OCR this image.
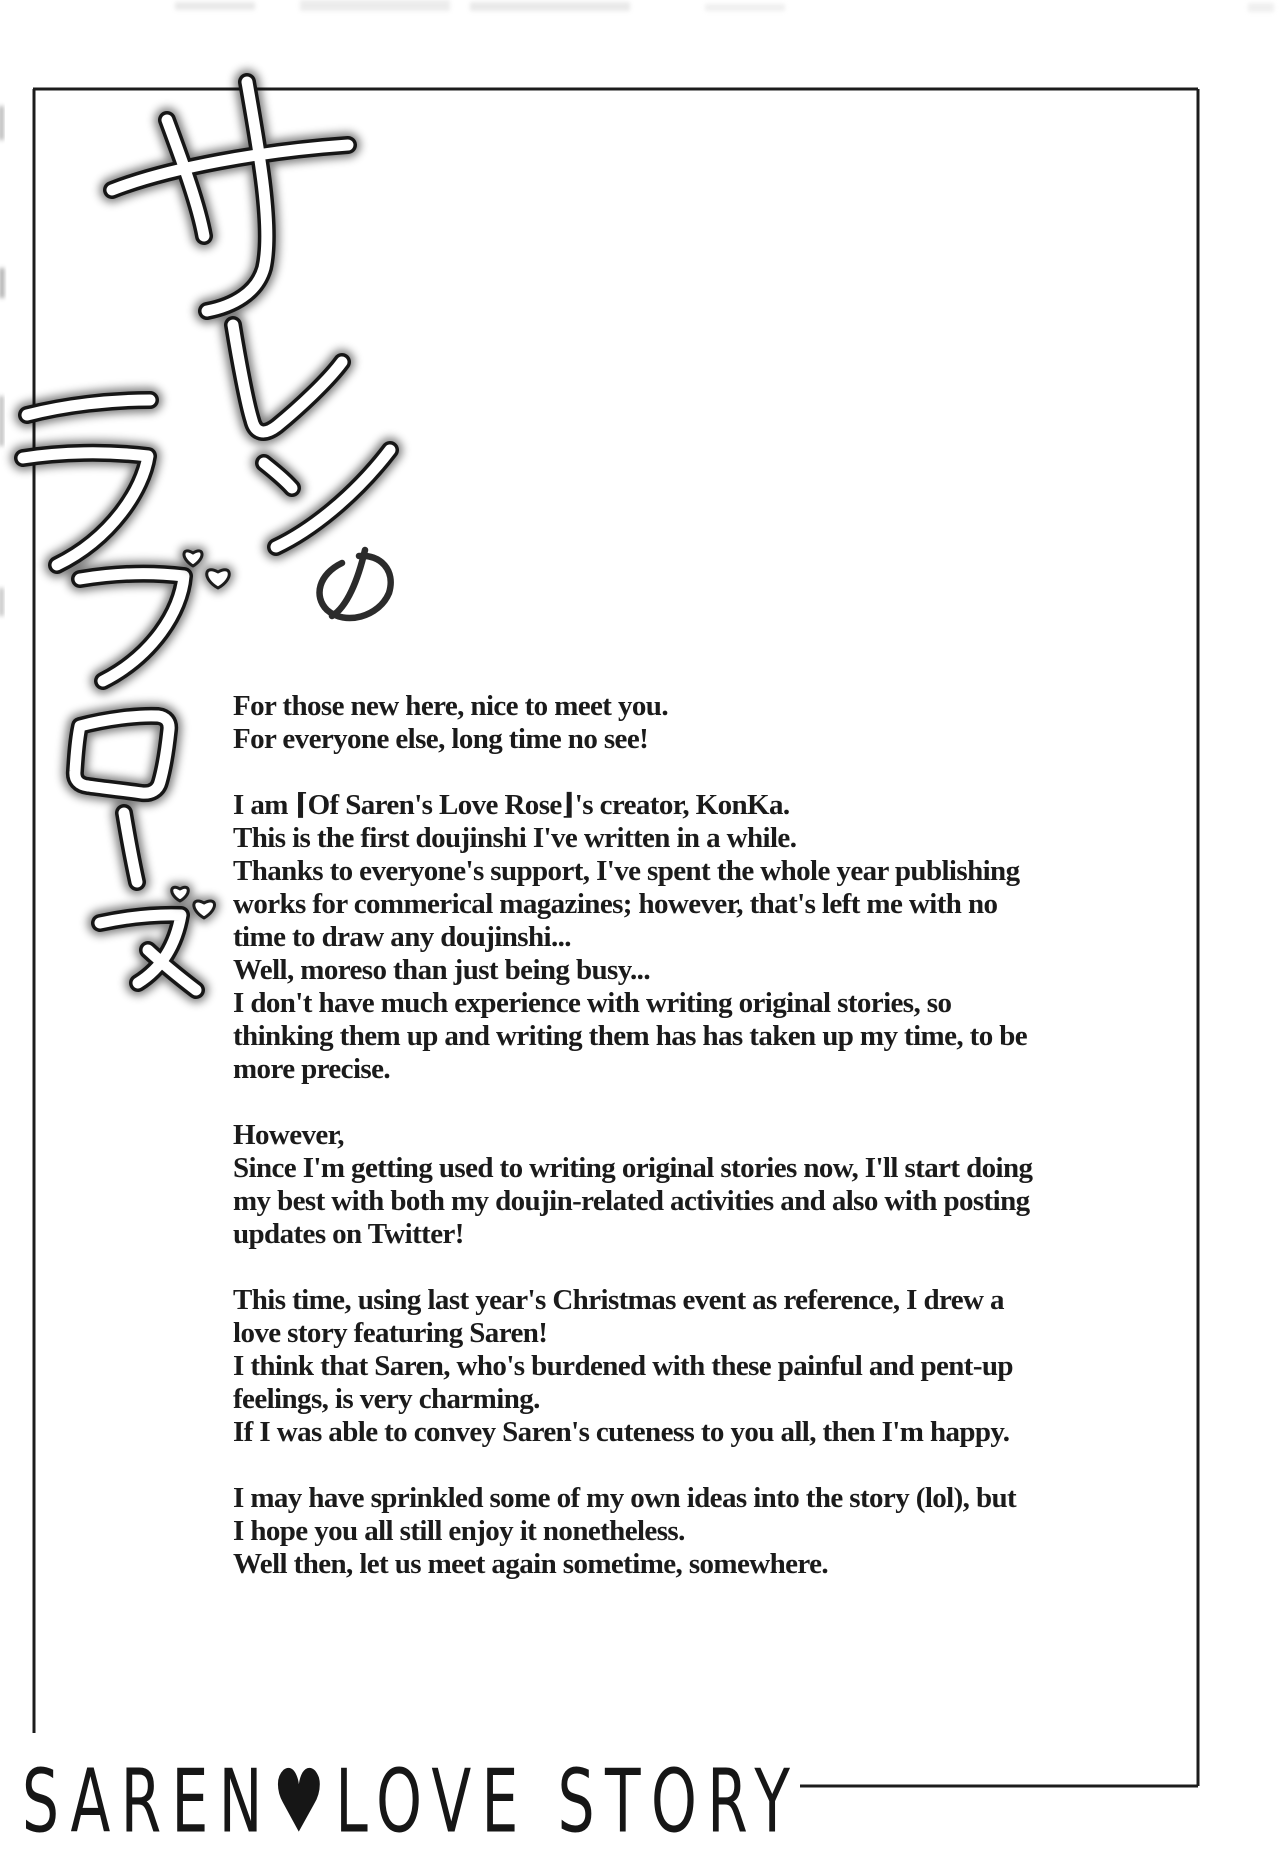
For those new here, nice to meet you.
For everyone else, long time no see!
I am ⌈Of Saren's Love Rose⌋'s creator, KonKa.
This is the first doujinshi I've written in a while.
Thanks to everyone's support, I've spent the whole year publishing
works for commerical magazines; however, that's left me with no
time to draw any doujinshi...
Well, moreso than just being busy...
I don't have much experience with writing original stories, so
thinking them up and writing them has has taken up my time, to be
more precise.
However,
Since I'm getting used to writing original stories now, I'll start doing
my best with both my doujin-related activities and also with posting
updates on Twitter!
This time, using last year's Christmas event as reference, I drew a
love story featuring Saren!
I think that Saren, who's burdened with these painful and pent-up
feelings, is very charming.
If I was able to convey Saren's cuteness to you all, then I'm happy.
I may have sprinkled some of my own ideas into the story (lol), but
I hope you all still enjoy it nonetheless.
Well then, let us meet again sometime, somewhere.
SAREN♥LOVE STORY
